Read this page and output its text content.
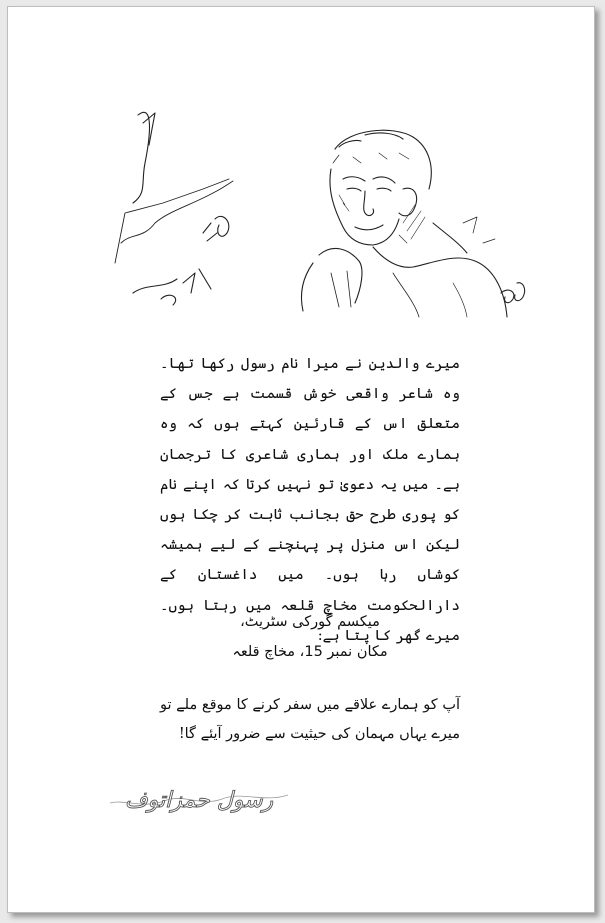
میرے والدین نے میرا نام رسول رکھا تھا۔ وہ شاعر واقعی خوش قسمت ہے جس کے متعلق اس کے قارئین کہتے ہوں کہ وہ ہمارے ملک اور ہماری شاعری کا ترجمان ہے۔ میں یہ دعویٰ تو نہیں کرتا کہ اپنے نام کو پوری طرح حق بجانب ثابت کر چکا ہوں لیکن اس منزل پر پہنچنے کے لیے ہمیشہ کوشاں رہا ہوں۔ میں داغستان کے دارالحکومت مخاچ قلعہ میں رہتا ہوں۔ میرے گھر کا پتا ہے:

میکسم گورکی سٹریٹ،
مکان نمبر 15، مخاچ قلعہ

آپ کو ہمارے علاقے میں سفر کرنے کا موقع ملے تو میرے یہاں مہمان کی حیثیت سے ضرور آیئے گا!

رسول حمزاتوف
